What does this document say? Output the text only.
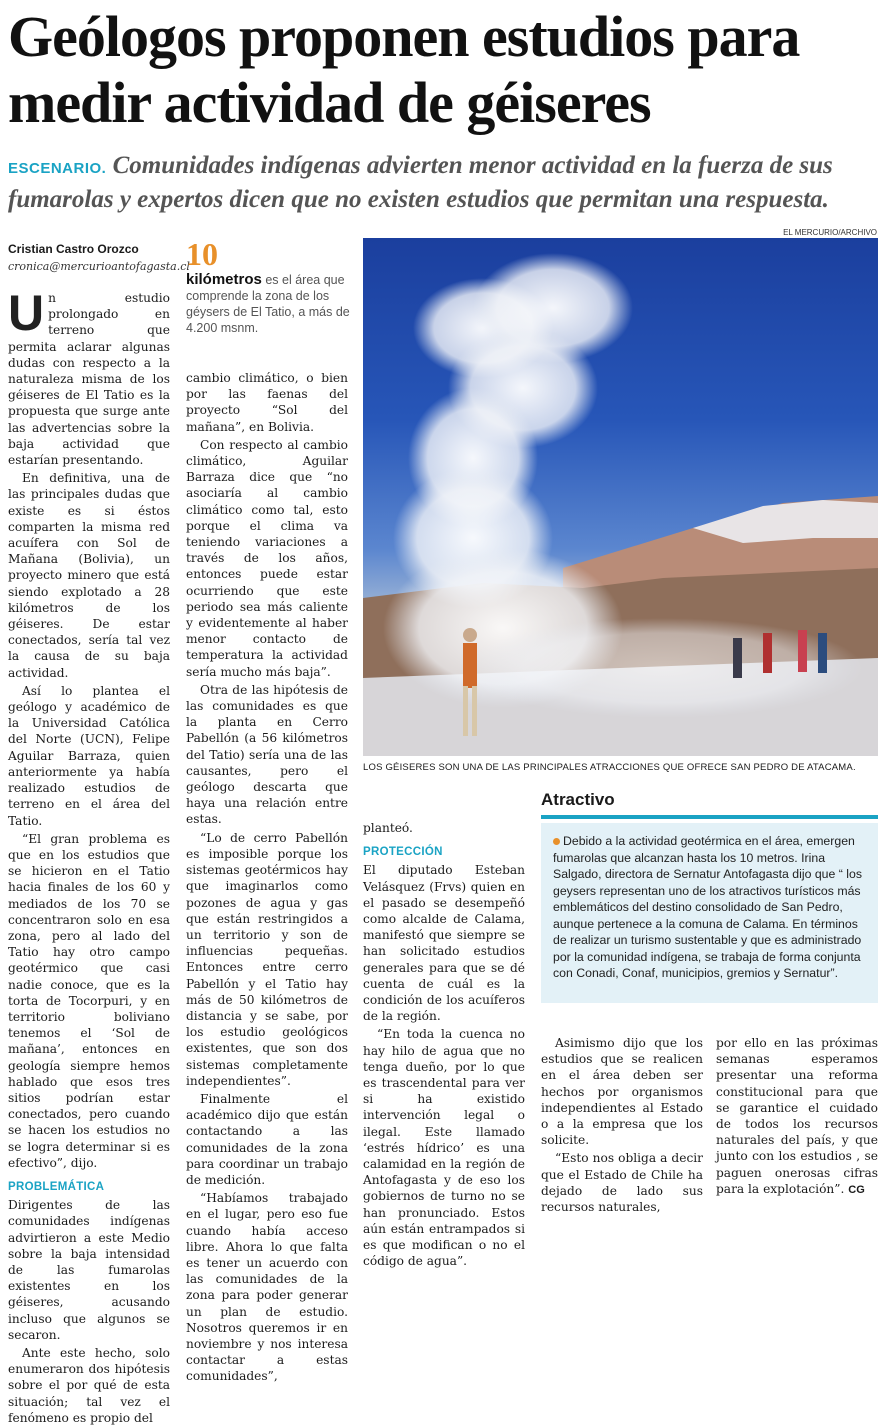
Geólogos proponen estudios para medir actividad de géiseres
ESCENARIO. Comunidades indígenas advierten menor actividad en la fuerza de sus fumarolas y expertos dicen que no existen estudios que permitan una respuesta.
EL MERCURIO/ARCHIVO
Cristian Castro Orozco
cronica@mercurioantofagasta.cl
10
kilómetros es el área que comprende la zona de los géysers de El Tatio, a más de 4.200 msnm.

Un estudio prolongado en terreno que permita aclarar algunas dudas con respecto a la naturaleza misma de los géiseres de El Tatio es la propuesta que surge ante las advertencias sobre la baja actividad que estarían presentando.

En definitiva, una de las principales dudas que existe es si éstos comparten la misma red acuífera con Sol de Mañana (Bolivia), un proyecto minero que está siendo explotado a 28 kilómetros de los géiseres. De estar conectados, sería tal vez la causa de su baja actividad.

Así lo plantea el geólogo y académico de la Universidad Católica del Norte (UCN), Felipe Aguilar Barraza, quien anteriormente ya había realizado estudios de terreno en el área del Tatio.

“El gran problema es que en los estudios que se hicieron en el Tatio hacia finales de los 60 y mediados de los 70 se concentraron solo en esa zona, pero al lado del Tatio hay otro campo geotérmico que casi nadie conoce, que es la torta de Tocorpuri, y en territorio boliviano tenemos el ‘Sol de mañana’, entonces en geología siempre hemos hablado que esos tres sitios podrían estar conectados, pero cuando se hacen los estudios no se logra determinar si es efectivo”, dijo.

PROBLEMÁTICA

Dirigentes de las comunidades indígenas advirtieron a este Medio sobre la baja intensidad de las fumarolas existentes en los géiseres, acusando incluso que algunos se secaron.

Ante este hecho, solo enumeraron dos hipótesis sobre el por qué de esta situación; tal vez el fenómeno es propio del

cambio climático, o bien por las faenas del proyecto “Sol del mañana”, en Bolivia.

Con respecto al cambio climático, Aguilar Barraza dice que “no asociaría al cambio climático como tal, esto porque el clima va teniendo variaciones a través de los años, entonces puede estar ocurriendo que este periodo sea más caliente y evidentemente al haber menor contacto de temperatura la actividad sería mucho más baja”.

Otra de las hipótesis de las comunidades es que la planta en Cerro Pabellón (a 56 kilómetros del Tatio) sería una de las causantes, pero el geólogo descarta que haya una relación entre estas.

“Lo de cerro Pabellón es imposible porque los sistemas geotérmicos hay que imaginarlos como pozones de agua y gas que están restringidos a un territorio y son de influencias pequeñas. Entonces entre cerro Pabellón y el Tatio hay más de 50 kilómetros de distancia y se sabe, por los estudio geológicos existentes, que son dos sistemas completamente independientes”.

Finalmente el académico dijo que están contactando a las comunidades de la zona para coordinar un trabajo de medición.

“Habíamos trabajado en el lugar, pero eso fue cuando había acceso libre. Ahora lo que falta es tener un acuerdo con las comunidades de la zona para poder generar un plan de estudio. Nosotros queremos ir en noviembre y nos interesa contactar a estas comunidades”,

LOS GÉISERES SON UNA DE LAS PRINCIPALES ATRACCIONES QUE OFRECE SAN PEDRO DE ATACAMA.

planteó.

PROTECCIÓN

El diputado Esteban Velásquez (Frvs) quien en el pasado se desempeñó como alcalde de Calama, manifestó que siempre se han solicitado estudios generales para que se dé cuenta de cuál es la condición de los acuíferos de la región.

“En toda la cuenca no hay hilo de agua que no tenga dueño, por lo que es trascendental para ver si ha existido intervención legal o ilegal. Este llamado ‘estrés hídrico’ es una calamidad en la región de Antofagasta y de eso los gobiernos de turno no se han pronunciado. Estos aún están entrampados si es que modifican o no el código de agua”.

Atractivo
Debido a la actividad geotérmica en el área, emergen fumarolas que alcanzan hasta los 10 metros. Irina Salgado, directora de Sernatur Antofagasta dijo que “ los geysers representan uno de los atractivos turísticos más emblemáticos del destino consolidado de San Pedro, aunque pertenece a la comuna de Calama. En términos de realizar un turismo sustentable y que es administrado por la comunidad indígena, se trabaja de forma conjunta con Conadi, Conaf, municipios, gremios y Sernatur”.

Asimismo dijo que los estudios que se realicen en el área deben ser hechos por organismos independientes al Estado o a la empresa que los solicite.

“Esto nos obliga a decir que el Estado de Chile ha dejado de lado sus recursos naturales,

por ello en las próximas semanas esperamos presentar una reforma constitucional para que se garantice el cuidado de todos los recursos naturales del país, y que junto con los estudios , se paguen onerosas cifras para la explotación”. CG
